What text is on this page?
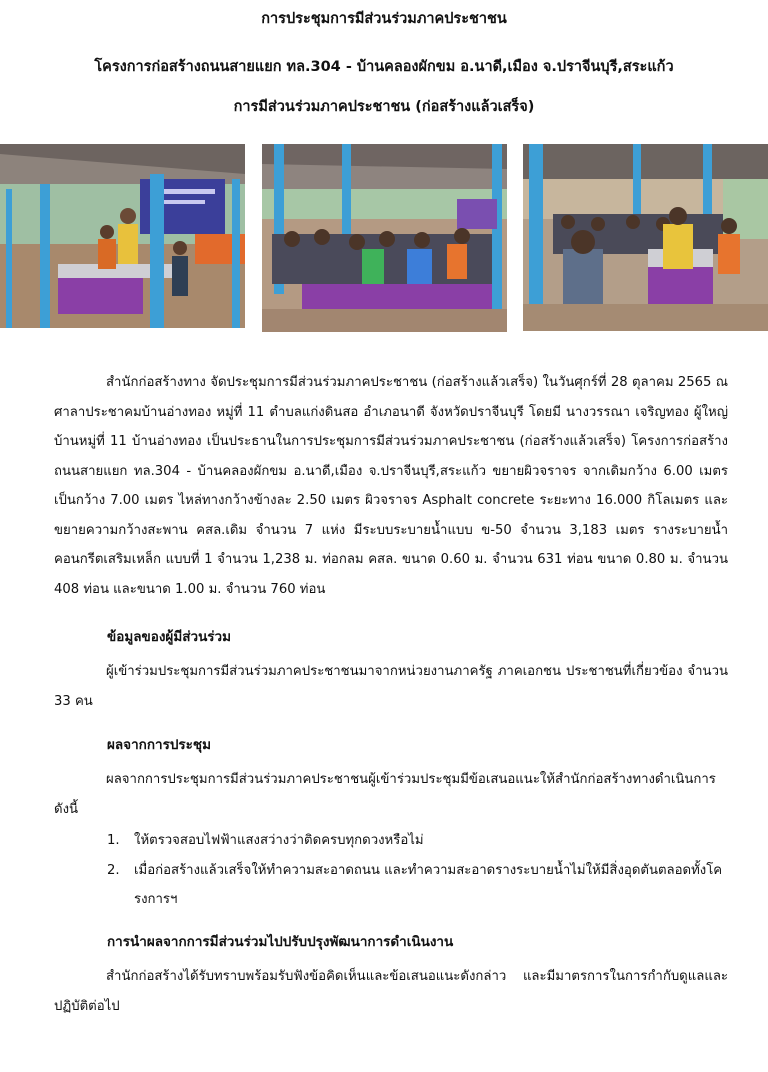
การประชุมการมีส่วนร่วมภาคประชาชน
โครงการก่อสร้างถนนสายแยก ทล.304 - บ้านคลองผักขม อ.นาดี,เมือง จ.ปราจีนบุรี,สระแก้ว
การมีส่วนร่วมภาคประชาชน (ก่อสร้างแล้วเสร็จ)
สำนักก่อสร้างทาง จัดประชุมการมีส่วนร่วมภาคประชาชน (ก่อสร้างแล้วเสร็จ) ในวันศุกร์ที่ 28 ตุลาคม 2565 ณ ศาลาประชาคมบ้านอ่างทอง หมู่ที่ 11 ตำบลแก่งดินสอ อำเภอนาดี จังหวัดปราจีนบุรี โดยมี นางวรรณา เจริญทอง ผู้ใหญ่บ้านหมู่ที่ 11 บ้านอ่างทอง เป็นประธานในการประชุมการมีส่วนร่วมภาคประชาชน (ก่อสร้างแล้วเสร็จ) โครงการก่อสร้างถนนสายแยก ทล.304 - บ้านคลองผักขม อ.นาดี,เมือง จ.ปราจีนบุรี,สระแก้ว ขยายผิวจราจร จากเดิมกว้าง 6.00 เมตร เป็นกว้าง 7.00 เมตร ไหล่ทางกว้างข้างละ 2.50 เมตร ผิวจราจร Asphalt concrete ระยะทาง 16.000 กิโลเมตร และขยายความกว้างสะพาน คสล.เดิม จำนวน 7 แห่ง มีระบบระบายน้ำแบบ ข-50 จำนวน 3,183 เมตร รางระบายน้ำคอนกรีตเสริมเหล็ก แบบที่ 1 จำนวน 1,238 ม. ท่อกลม คสล. ขนาด 0.60 ม. จำนวน 631 ท่อน ขนาด 0.80 ม. จำนวน 408 ท่อน และขนาด 1.00 ม. จำนวน 760 ท่อน
ข้อมูลของผู้มีส่วนร่วม
ผู้เข้าร่วมประชุมการมีส่วนร่วมภาคประชาชนมาจากหน่วยงานภาครัฐ ภาคเอกชน ประชาชนที่เกี่ยวข้อง จำนวน 33 คน
ผลจากการประชุม
ผลจากการประชุมการมีส่วนร่วมภาคประชาชนผู้เข้าร่วมประชุมมีข้อเสนอแนะให้สำนักก่อสร้างทางดำเนินการ ดังนี้
1. ให้ตรวจสอบไฟฟ้าแสงสว่างว่าติดครบทุกดวงหรือไม่
2. เมื่อก่อสร้างแล้วเสร็จให้ทำความสะอาดถนน และทำความสะอาดรางระบายน้ำไม่ให้มีสิ่งอุดตันตลอดทั้งโครงการฯ
การนำผลจากการมีส่วนร่วมไปปรับปรุงพัฒนาการดำเนินงาน
สำนักก่อสร้างได้รับทราบพร้อมรับฟังข้อคิดเห็นและข้อเสนอแนะดังกล่าว และมีมาตรการในการกำกับดูแลและปฏิบัติต่อไป
